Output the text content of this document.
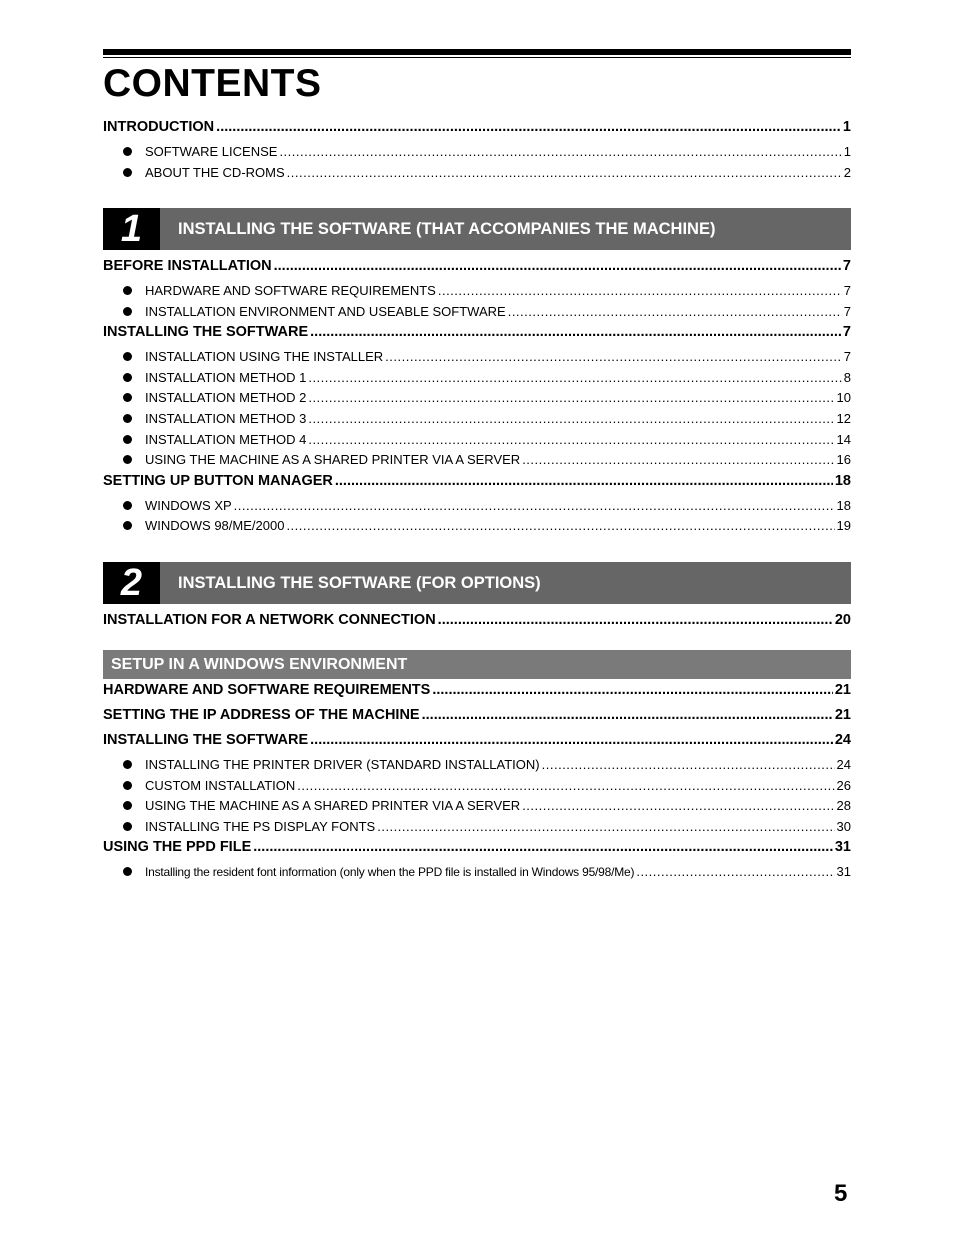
CONTENTS
INTRODUCTION .....	1
SOFTWARE LICENSE .....	1
ABOUT THE CD-ROMS .....	2
1	INSTALLING THE SOFTWARE (THAT ACCOMPANIES THE MACHINE)
BEFORE INSTALLATION .....	7
HARDWARE AND SOFTWARE REQUIREMENTS .....	7
INSTALLATION ENVIRONMENT AND USEABLE SOFTWARE .....	7
INSTALLING THE SOFTWARE .....	7
INSTALLATION USING THE INSTALLER .....	7
INSTALLATION METHOD 1 .....	8
INSTALLATION METHOD 2 .....	10
INSTALLATION METHOD 3 .....	12
INSTALLATION METHOD 4 .....	14
USING THE MACHINE AS A SHARED PRINTER VIA A SERVER .....	16
SETTING UP BUTTON MANAGER .....	18
WINDOWS XP .....	18
WINDOWS 98/ME/2000 .....	19
2	INSTALLING THE SOFTWARE (FOR OPTIONS)
INSTALLATION FOR A NETWORK CONNECTION .....	20
SETUP IN A WINDOWS ENVIRONMENT
HARDWARE AND SOFTWARE REQUIREMENTS .....	21
SETTING THE IP ADDRESS OF THE MACHINE .....	21
INSTALLING THE SOFTWARE .....	24
INSTALLING THE PRINTER DRIVER (STANDARD INSTALLATION) .....	24
CUSTOM INSTALLATION .....	26
USING THE MACHINE AS A SHARED PRINTER VIA A SERVER .....	28
INSTALLING THE PS DISPLAY FONTS .....	30
USING THE PPD FILE .....	31
Installing the resident font information (only when the PPD file is installed in Windows 95/98/Me) .....	31
5
